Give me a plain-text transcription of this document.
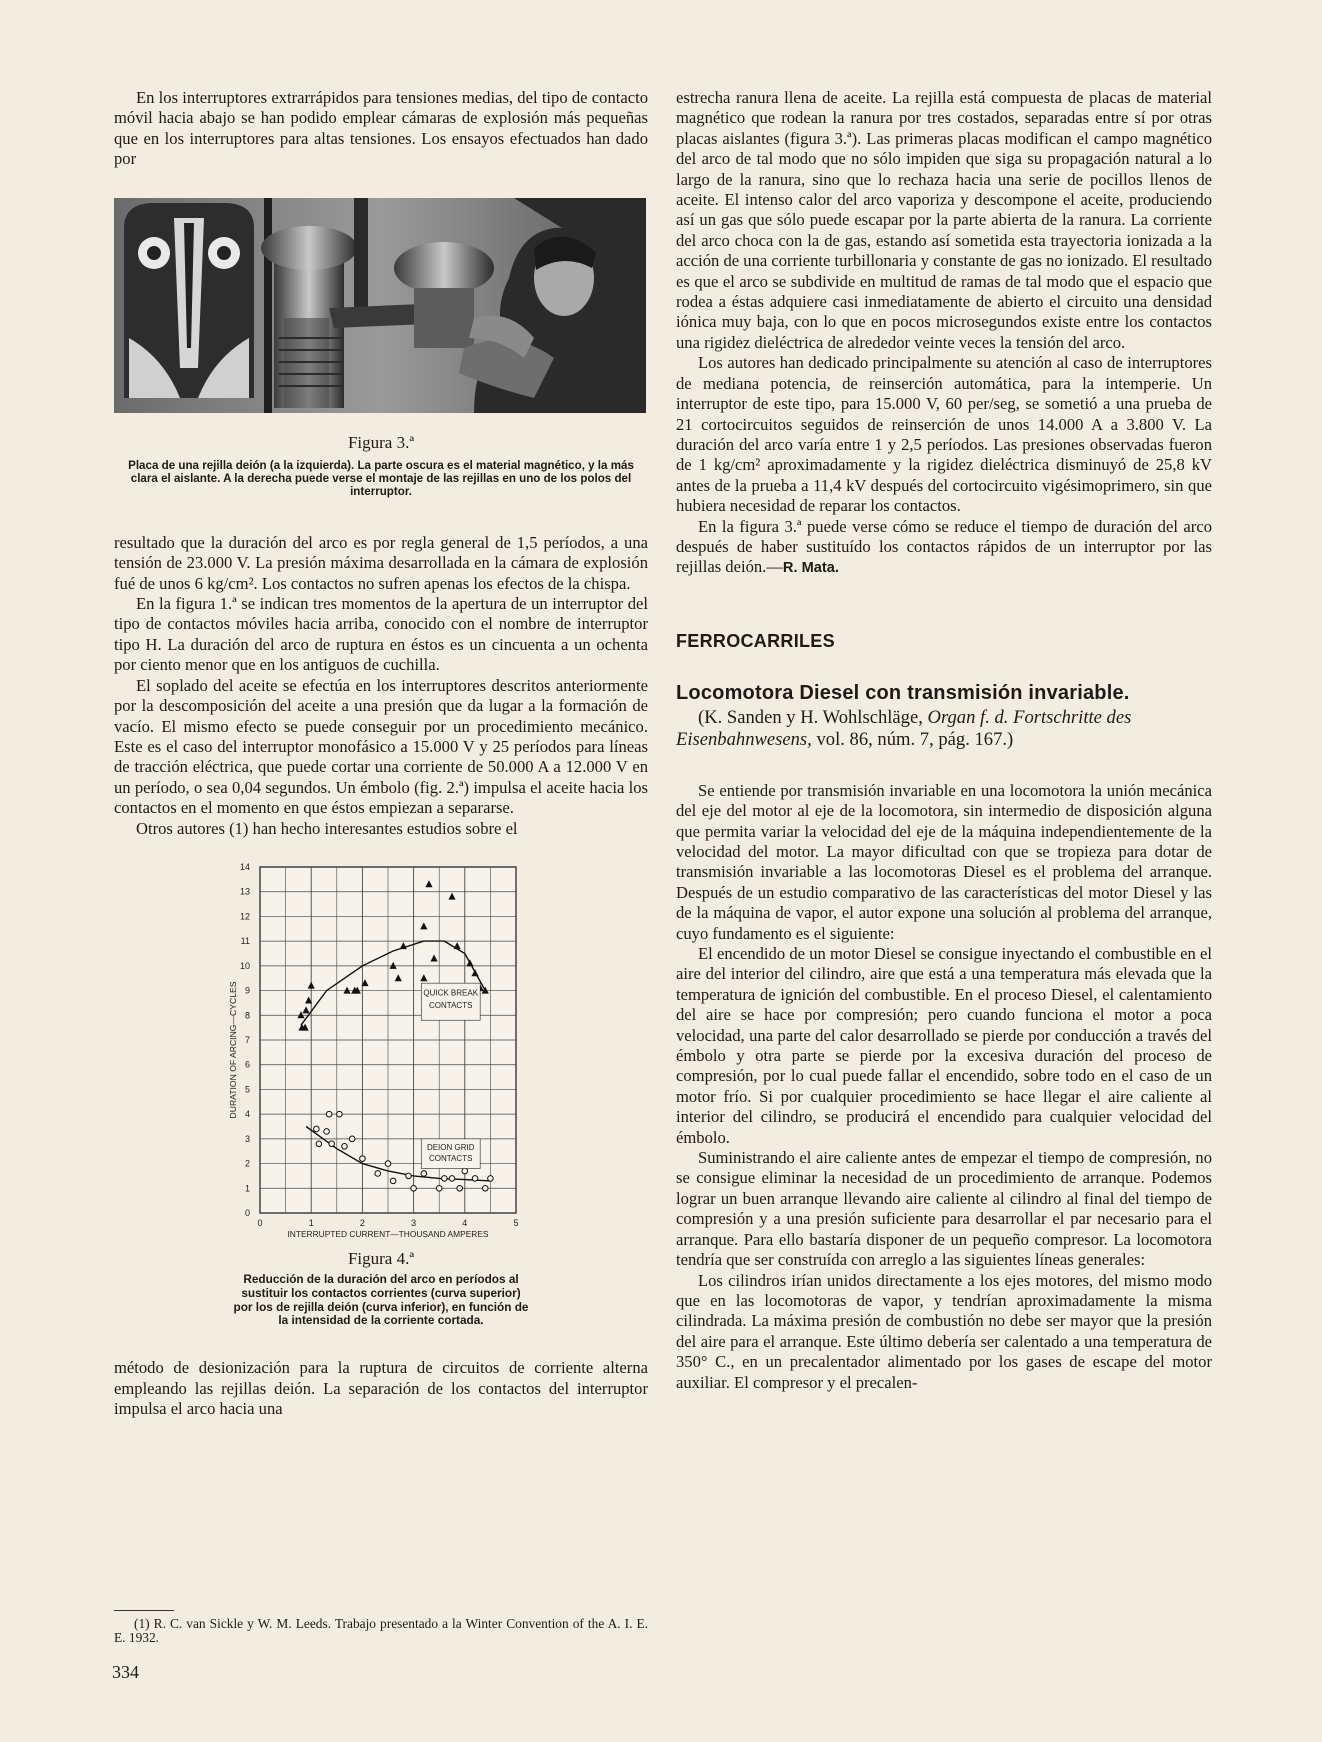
En los interruptores extrarrápidos para tensiones medias, del tipo de contacto móvil hacia abajo se han podido emplear cámaras de explosión más pequeñas que en los interruptores para altas tensiones. Los ensayos efectuados han dado por

Figura 3.ª
Placa de una rejilla deión (a la izquierda). La parte oscura es el material magnético, y la más clara el aislante. A la derecha puede verse el montaje de las rejillas en uno de los polos del interruptor.

resultado que la duración del arco es por regla general de 1,5 períodos, a una tensión de 23.000 V. La presión máxima desarrollada en la cámara de explosión fué de unos 6 kg/cm². Los contactos no sufren apenas los efectos de la chispa.

En la figura 1.ª se indican tres momentos de la apertura de un interruptor del tipo de contactos móviles hacia arriba, conocido con el nombre de interruptor tipo H. La duración del arco de ruptura en éstos es un cincuenta a un ochenta por ciento menor que en los antiguos de cuchilla.

El soplado del aceite se efectúa en los interruptores descritos anteriormente por la descomposición del aceite a una presión que da lugar a la formación de vacío. El mismo efecto se puede conseguir por un procedimiento mecánico. Este es el caso del interruptor monofásico a 15.000 V y 25 períodos para líneas de tracción eléctrica, que puede cortar una corriente de 50.000 A a 12.000 V en un período, o sea 0,04 segundos. Un émbolo (fig. 2.ª) impulsa el aceite hacia los contactos en el momento en que éstos empiezan a separarse.

Otros autores (1) han hecho interesantes estudios sobre el

0
1
2
3
4
5
6
7
8
9
10
11
12
13
14
0	1	2	3	4	5
INTERRUPTED CURRENT—THOUSAND AMPERES
DURATION OF ARCING—CYCLES	QUICK BREAK
CONTACTS
DEION GRID
CONTACTS
Figura 4.ª
Reducción de la duración del arco en períodos al sustituir los contactos corrientes (curva superior) por los de rejilla deión (curva inferior), en función de la intensidad de la corriente cortada.

método de desionización para la ruptura de circuitos de corriente alterna empleando las rejillas deión. La separación de los contactos del interruptor impulsa el arco hacia una

(1) R. C. van Sickle y W. M. Leeds. Trabajo presentado a la Winter Convention of the A. I. E. E. 1932.

334

estrecha ranura llena de aceite. La rejilla está compuesta de placas de material magnético que rodean la ranura por tres costados, separadas entre sí por otras placas aislantes (figura 3.ª). Las primeras placas modifican el campo magnético del arco de tal modo que no sólo impiden que siga su propagación natural a lo largo de la ranura, sino que lo rechaza hacia una serie de pocillos llenos de aceite. El intenso calor del arco vaporiza y descompone el aceite, produciendo así un gas que sólo puede escapar por la parte abierta de la ranura. La corriente del arco choca con la de gas, estando así sometida esta trayectoria ionizada a la acción de una corriente turbillonaria y constante de gas no ionizado. El resultado es que el arco se subdivide en multitud de ramas de tal modo que el espacio que rodea a éstas adquiere casi inmediatamente de abierto el circuito una densidad iónica muy baja, con lo que en pocos microsegundos existe entre los contactos una rigidez dieléctrica de alrededor veinte veces la tensión del arco.

Los autores han dedicado principalmente su atención al caso de interruptores de mediana potencia, de reinserción automática, para la intemperie. Un interruptor de este tipo, para 15.000 V, 60 per/seg, se sometió a una prueba de 21 cortocircuitos seguidos de reinserción de unos 14.000 A a 3.800 V. La duración del arco varía entre 1 y 2,5 períodos. Las presiones observadas fueron de 1 kg/cm² aproximadamente y la rigidez dieléctrica disminuyó de 25,8 kV antes de la prueba a 11,4 kV después del cortocircuito vigésimoprimero, sin que hubiera necesidad de reparar los contactos.

En la figura 3.ª puede verse cómo se reduce el tiempo de duración del arco después de haber sustituído los contactos rápidos de un interruptor por las rejillas deión.—R. Mata.

FERROCARRILES
Locomotora Diesel con transmisión invariable.

(K. Sanden y H. Wohlschläge, Organ f. d. Fortschritte des Eisenbahnwesens, vol. 86, núm. 7, pág. 167.)

Se entiende por transmisión invariable en una locomotora la unión mecánica del eje del motor al eje de la locomotora, sin intermedio de disposición alguna que permita variar la velocidad del eje de la máquina independientemente de la velocidad del motor. La mayor dificultad con que se tropieza para dotar de transmisión invariable a las locomotoras Diesel es el problema del arranque. Después de un estudio comparativo de las características del motor Diesel y las de la máquina de vapor, el autor expone una solución al problema del arranque, cuyo fundamento es el siguiente:

El encendido de un motor Diesel se consigue inyectando el combustible en el aire del interior del cilindro, aire que está a una temperatura más elevada que la temperatura de ignición del combustible. En el proceso Diesel, el calentamiento del aire se hace por compresión; pero cuando funciona el motor a poca velocidad, una parte del calor desarrollado se pierde por conducción a través del émbolo y otra parte se pierde por la excesiva duración del proceso de compresión, por lo cual puede fallar el encendido, sobre todo en el caso de un motor frío. Si por cualquier procedimiento se hace llegar el aire caliente al interior del cilindro, se producirá el encendido para cualquier velocidad del émbolo.

Suministrando el aire caliente antes de empezar el tiempo de compresión, no se consigue eliminar la necesidad de un procedimiento de arranque. Podemos lograr un buen arranque llevando aire caliente al cilindro al final del tiempo de compresión y a una presión suficiente para desarrollar el par necesario para el arranque. Para ello bastaría disponer de un pequeño compresor. La locomotora tendría que ser construída con arreglo a las siguientes líneas generales:

Los cilindros irían unidos directamente a los ejes motores, del mismo modo que en las locomotoras de vapor, y tendrían aproximadamente la misma cilindrada. La máxima presión de combustión no debe ser mayor que la presión del aire para el arranque. Este último debería ser calentado a una temperatura de 350° C., en un precalentador alimentado por los gases de escape del motor auxiliar. El compresor y el precalen-
